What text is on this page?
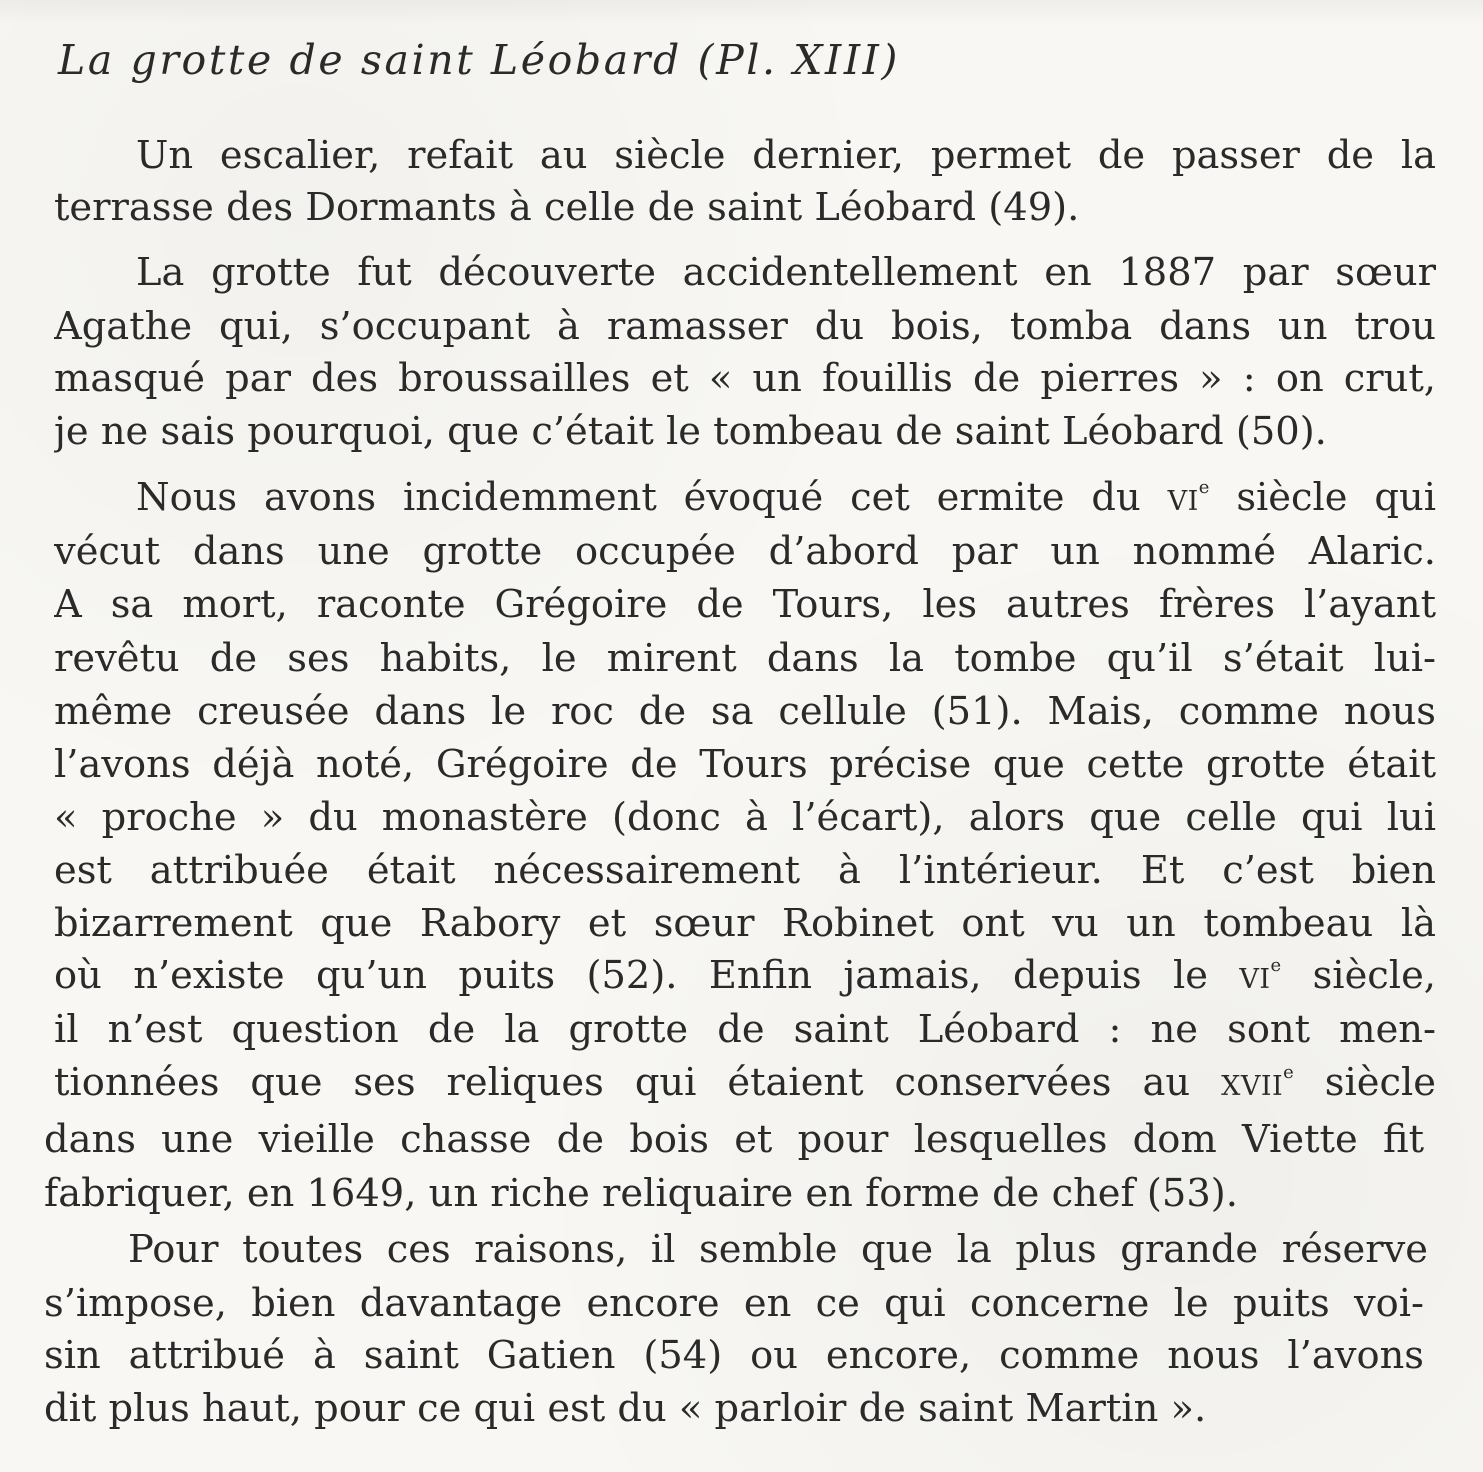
La grotte de saint Léobard (Pl. XIII)
Un escalier, refait au siècle dernier, permet de passer de la
terrasse des Dormants à celle de saint Léobard (49).
La grotte fut découverte accidentellement en 1887 par sœur
Agathe qui, s’occupant à ramasser du bois, tomba dans un trou
masqué par des broussailles et « un fouillis de pierres » : on crut,
je ne sais pourquoi, que c’était le tombeau de saint Léobard (50).
Nous avons incidemment évoqué cet ermite du $vi^e$ siècle qui
vécut dans une grotte occupée d’abord par un nommé Alaric.
A sa mort, raconte Grégoire de Tours, les autres frères l’ayant
revêtu de ses habits, le mirent dans la tombe qu’il s’était lui-
même creusée dans le roc de sa cellule (51). Mais, comme nous
l’avons déjà noté, Grégoire de Tours précise que cette grotte était
« proche » du monastère (donc à l’écart), alors que celle qui lui
est attribuée était nécessairement à l’intérieur. Et c’est bien
bizarrement que Rabory et sœur Robinet ont vu un tombeau là
où n’existe qu’un puits (52). Enfin jamais, depuis le $vi^e$ siècle,
il n’est question de la grotte de saint Léobard : ne sont men-
tionnées que ses reliques qui étaient conservées au xvii$^e$ siècle
dans une vieille chasse de bois et pour lesquelles dom Viette fit
fabriquer, en 1649, un riche reliquaire en forme de chef (53).
Pour toutes ces raisons, il semble que la plus grande réserve
s’impose, bien davantage encore en ce qui concerne le puits voi-
sin attribué à saint Gatien (54) ou encore, comme nous l’avons
dit plus haut, pour ce qui est du « parloir de saint Martin ».
